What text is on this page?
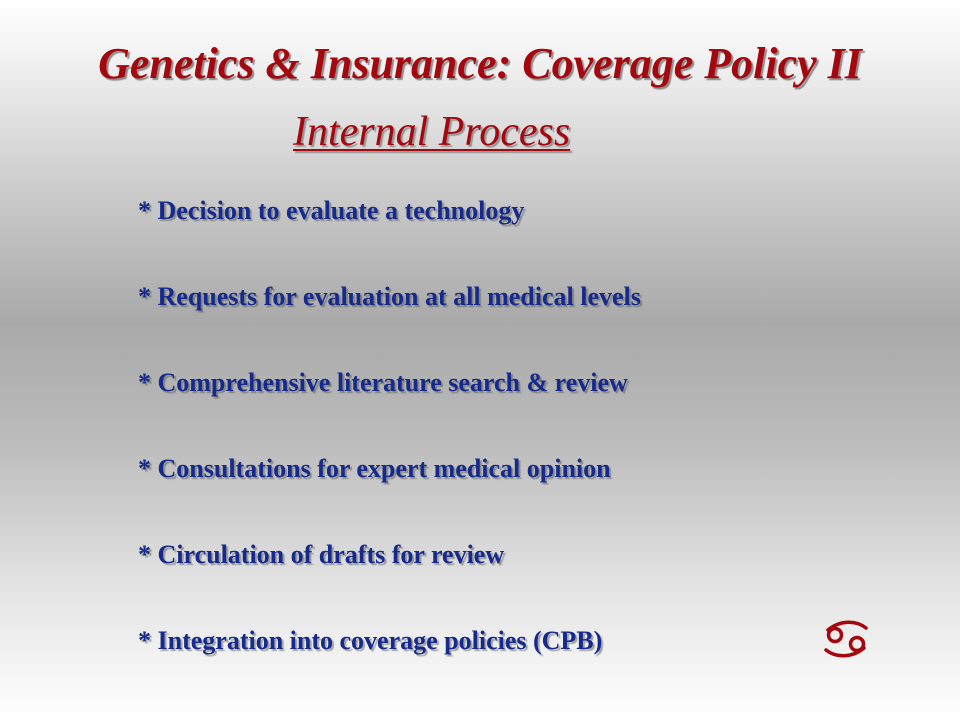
Genetics & Insurance: Coverage Policy II
Internal Process
* Decision to evaluate a technology
* Requests for evaluation at all medical levels
* Comprehensive literature search & review
* Consultations for expert medical opinion
* Circulation of drafts for review
* Integration into coverage policies (CPB)
